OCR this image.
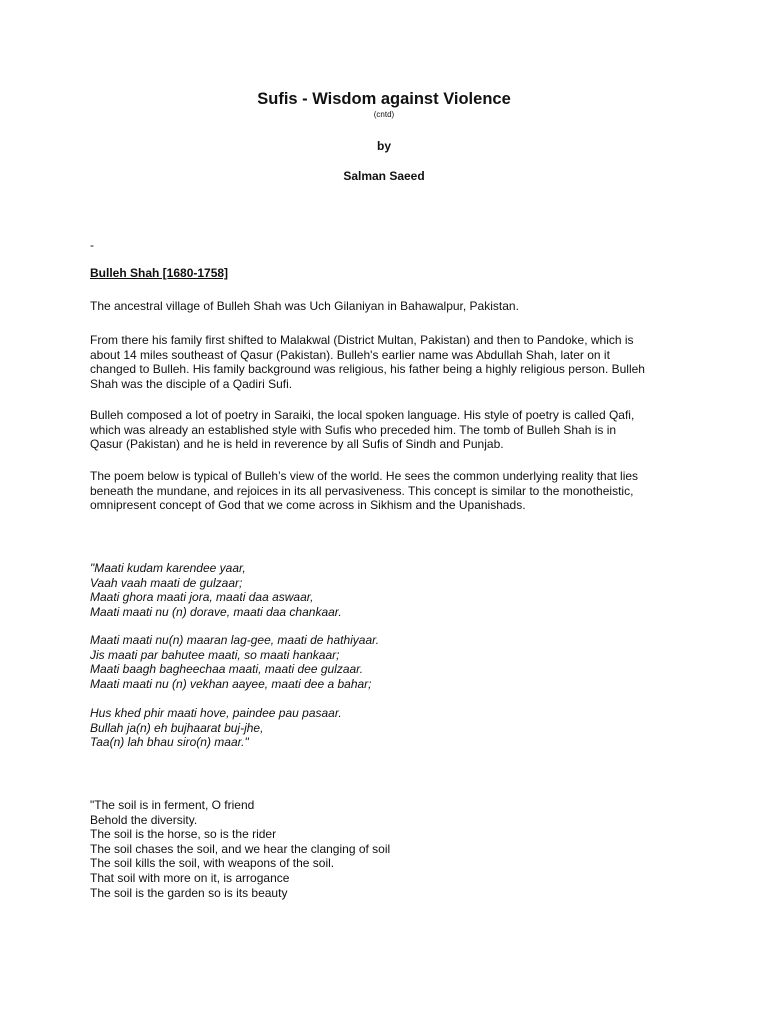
Sufis - Wisdom against Violence
(cntd)
by
Salman Saeed
-
Bulleh Shah [1680-1758]
The ancestral village of Bulleh Shah was Uch Gilaniyan in Bahawalpur, Pakistan.
From there his family first shifted to Malakwal (District Multan, Pakistan) and then to Pandoke, which is
about 14 miles southeast of Qasur (Pakistan). Bulleh's earlier name was Abdullah Shah, later on it
changed to Bulleh. His family background was religious, his father being a highly religious person. Bulleh
Shah was the disciple of a Qadiri Sufi.
Bulleh composed a lot of poetry in Saraiki, the local spoken language. His style of poetry is called Qafi,
which was already an established style with Sufis who preceded him. The tomb of Bulleh Shah is in
Qasur (Pakistan) and he is held in reverence by all Sufis of Sindh and Punjab.
The poem below is typical of Bulleh’s view of the world. He sees the common underlying reality that lies
beneath the mundane, and rejoices in its all pervasiveness. This concept is similar to the monotheistic,
omnipresent concept of God that we come across in Sikhism and the Upanishads.
"Maati kudam karendee yaar,
Vaah vaah maati de gulzaar;
Maati ghora maati jora, maati daa aswaar,
Maati maati nu (n) dorave, maati daa chankaar.
Maati maati nu(n) maaran lag-gee, maati de hathiyaar.
Jis maati par bahutee maati, so maati hankaar;
Maati baagh bagheechaa maati, maati dee gulzaar.
Maati maati nu (n) vekhan aayee, maati dee a bahar;
Hus khed phir maati hove, paindee pau pasaar.
Bullah ja(n) eh bujhaarat buj-jhe,
Taa(n) lah bhau siro(n) maar."
"The soil is in ferment, O friend
Behold the diversity.
The soil is the horse, so is the rider
The soil chases the soil, and we hear the clanging of soil
The soil kills the soil, with weapons of the soil.
That soil with more on it, is arrogance
The soil is the garden so is its beauty
